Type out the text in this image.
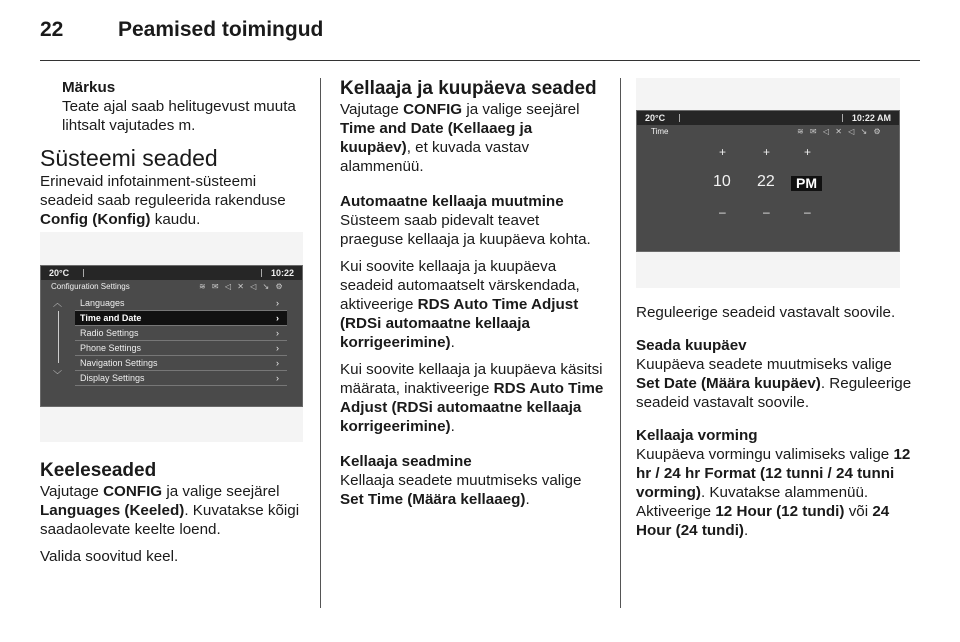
22	Peamised toimingud
Märkus

Teate ajal saab helitugevust muuta lihtsalt vajutades m.

Süsteemi seaded

Erinevaid infotainment-süsteemi seadeid saab reguleerida rakenduse Config (Konfig) kaudu.

20°C	10:22
Configuration Settings	≋ ✉ ◁ ✕ ◁ ↘ ⚙
︿
﹀
Languages	›
Time and Date	›
Radio Settings	›
Phone Settings	›
Navigation Settings	›
Display Settings	›
Keeleseaded

Vajutage CONFIG ja valige seejärel Languages (Keeled). Kuvatakse kõigi saadaolevate keelte loend.

Valida soovitud keel.

Kellaaja ja kuupäeva seaded

Vajutage CONFIG ja valige seejärel Time and Date (Kellaaeg ja kuupäev), et kuvada vastav alammenüü.

Automaatne kellaaja muutmine

Süsteem saab pidevalt teavet praeguse kellaaja ja kuupäeva kohta.

Kui soovite kellaaja ja kuupäeva seadeid automaatselt värskendada, aktiveerige RDS Auto Time Adjust (RDSi automaatne kellaaja korrigeerimine).

Kui soovite kellaaja ja kuupäeva käsitsi määrata, inaktiveerige RDS Auto Time Adjust (RDSi automaatne kellaaja korrigeerimine).

Kellaaja seadmine

Kellaaja seadete muutmiseks valige Set Time (Määra kellaaeg).

20°C	10:22 AM
Time	≋ ✉ ◁ ✕ ◁ ↘ ⚙
+	+	+
10 22	PM
–	–	–

Reguleerige seadeid vastavalt soovile.

Seada kuupäev

Kuupäeva seadete muutmiseks valige Set Date (Määra kuupäev). Reguleerige seadeid vastavalt soovile.

Kellaaja vorming

Kuupäeva vormingu valimiseks valige 12 hr / 24 hr Format (12 tunni / 24 tunni vorming). Kuvatakse alammenüü. Aktiveerige 12 Hour (12 tundi) või 24 Hour (24 tundi).
